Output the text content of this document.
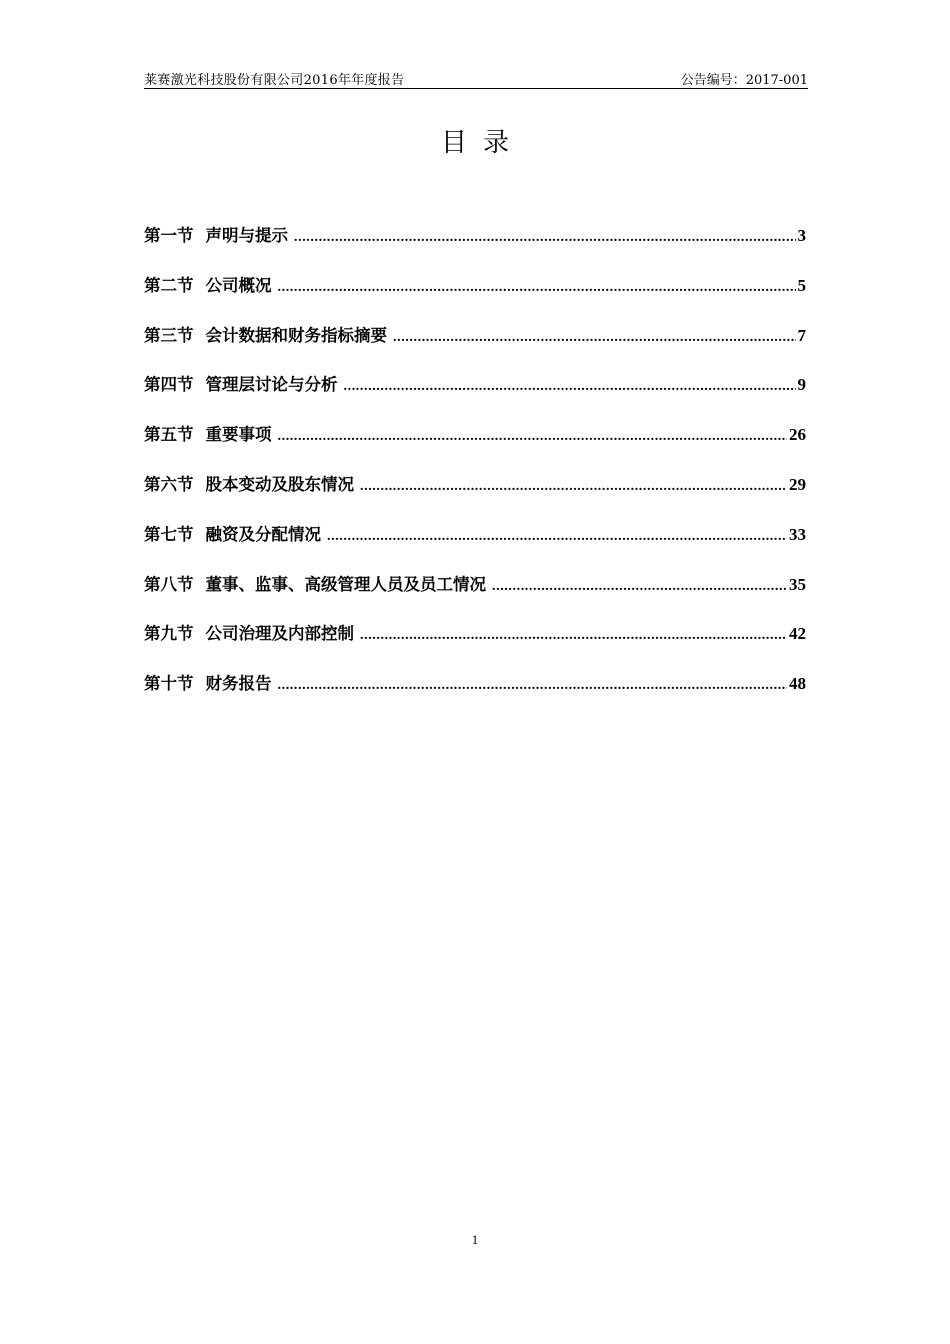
莱赛激光科技股份有限公司2016年年度报告	公告编号：2017-001
目录
第一节 声明与提示 .....	3
第二节 公司概况 .....	5
第三节 会计数据和财务指标摘要 .....	7
第四节 管理层讨论与分析 .....	9
第五节 重要事项 .....	26
第六节 股本变动及股东情况 .....	29
第七节 融资及分配情况 .....	33
第八节 董事、监事、高级管理人员及员工情况 .....	35
第九节 公司治理及内部控制 .....	42
第十节 财务报告 .....	48
1
